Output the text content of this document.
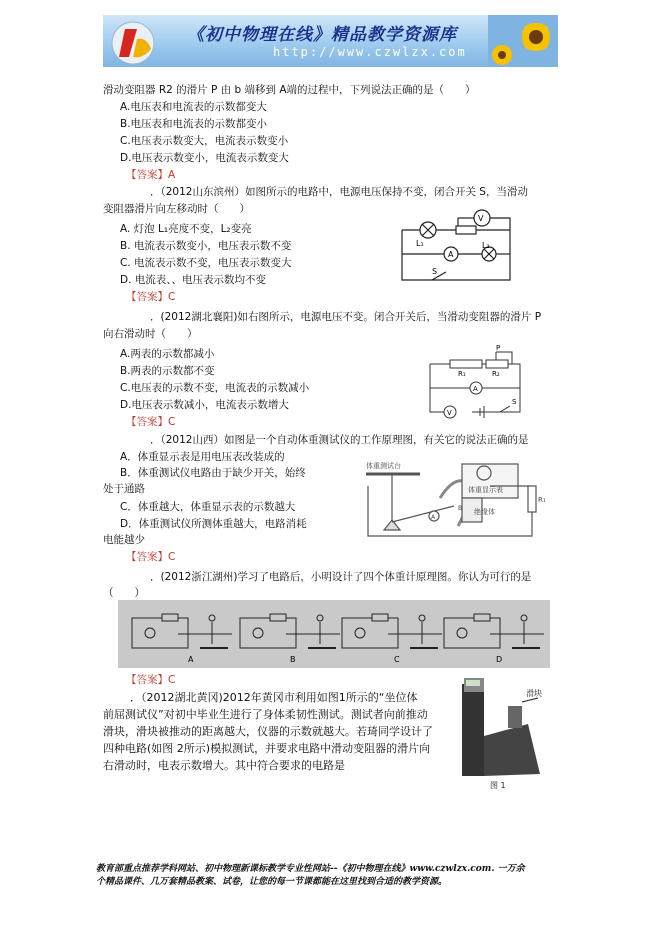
《初中物理在线》精品教学资源库
http://www.czwlzx.com
滑动变阻器 R2 的滑片 P 由 b 端移到 A端的过程中，下列说法正确的是（　　）
A.电压表和电流表的示数都变大
B.电压表和电流表的示数都变小
C.电压表示数变大，电流表示数变小
D.电压表示数变小，电流表示数变大
【答案】A
．（2012山东滨州）如图所示的电路中，电源电压保持不变，闭合开关 S，当滑动
变阻器滑片向左移动时（　　）
A. 灯泡 L₁亮度不变，L₂变亮
B. 电流表示数变小，电压表示数不变
C. 电流表示数不变，电压表示数变大
D. 电流表、、电压表示数均不变
【答案】C
L₁
V
A
L₂
S
．(2012湖北襄阳)如右图所示，电源电压不变。闭合开关后，当滑动变阻器的滑片 P
向右滑动时（　　）
A.两表的示数都减小
B.两表的示数都不变
C.电压表的示数不变，电流表的示数减小
D.电压表示数减小，电流表示数增大
【答案】C
P
R₂
R₁
A
V
S
．（2012山西）如图是一个自动体重测试仪的工作原理图，有关它的说法正确的是
A．体重显示表是用电压表改装成的
B．体重测试仪电路由于缺少开关，始终
处于通路
C．体重越大，体重显示表的示数越大
D．体重测试仪所测体重越大，电路消耗
电能越少
【答案】C
体重测试台
体重显示表
绝缘体
R₁
A
B
．(2012浙江湖州)学习了电路后，小明设计了四个体重计原理图。你认为可行的是
（　　）
A	B	C	D
【答案】C
．（2012湖北黄冈)2012年黄冈市利用如图1所示的“坐位体
前屈测试仪”对初中毕业生进行了身体柔韧性测试。测试者向前推动
滑块，滑块被推动的距离越大，仪器的示数就越大。若琦同学设计了
四种电路(如图 2所示)模拟测试，并要求电路中滑动变阻器的滑片向
右滑动时，电表示数增大。其中符合要求的电路是
滑块
图 1
教育部重点推荐学科网站、初中物理新课标教学专业性网站--《初中物理在线》www.czwlzx.com. 一万余
个精品课件、几万套精品教案、试卷，让您的每一节课都能在这里找到合适的教学资源。
